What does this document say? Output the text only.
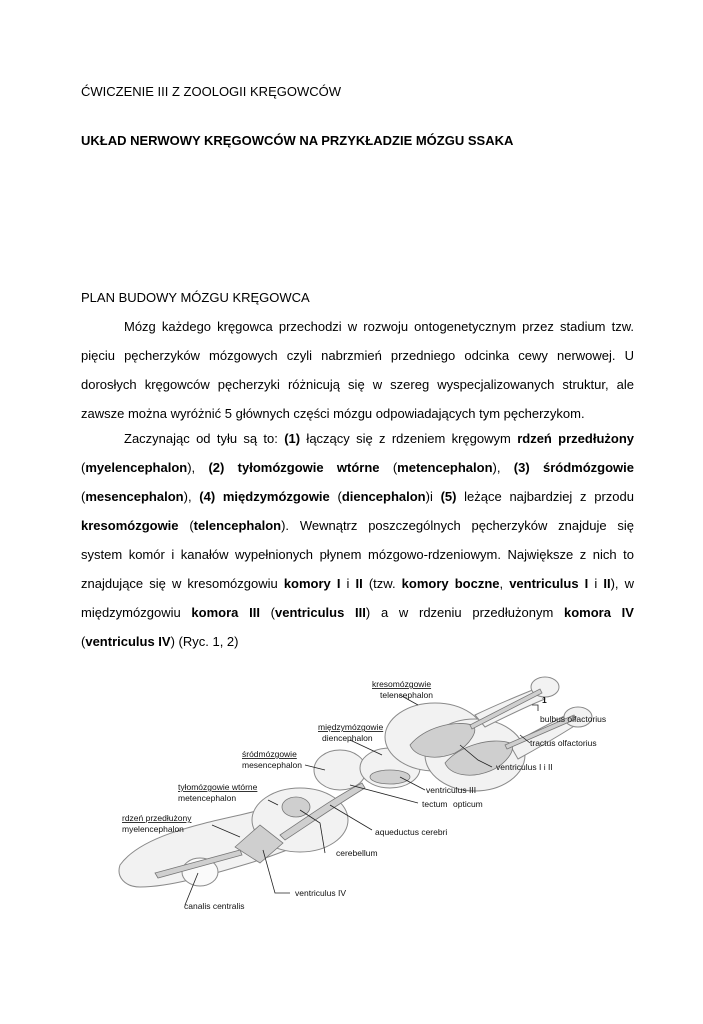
ĆWICZENIE III Z ZOOLOGII KRĘGOWCÓW
UKŁAD NERWOWY KRĘGOWCÓW NA PRZYKŁADZIE MÓZGU SSAKA
PLAN BUDOWY MÓZGU KRĘGOWCA

Mózg każdego kręgowca przechodzi w rozwoju ontogenetycznym przez stadium tzw. pięciu pęcherzyków mózgowych czyli nabrzmień przedniego odcinka cewy nerwowej. U dorosłych kręgowców pęcherzyki różnicują się w szereg wyspecjalizowanych struktur, ale zawsze można wyróżnić 5 głównych części mózgu odpowiadających tym pęcherzykom.

Zaczynając od tyłu są to: (1) łączący się z rdzeniem kręgowym rdzeń przedłużony (myelencephalon), (2) tyłomózgowie wtórne (metencephalon), (3) śródmózgowie (mesencephalon), (4) międzymózgowie (diencephalon)i (5) leżące najbardziej z przodu kresomózgowie (telencephalon). Wewnątrz poszczególnych pęcherzyków znajduje się system komór i kanałów wypełnionych płynem mózgowo-rdzeniowym. Największe z nich to znajdujące się w kresomózgowiu komory I i II (tzw. komory boczne, ventriculus I i II), w międzymózgowiu komora III (ventriculus III) a w rdzeniu przedłużonym komora IV (ventriculus IV) (Ryc. 1, 2)

kresomózgowie
telencephalon
międzymózgowie
diencephalon
śródmózgowie
mesencephalon
tyłomózgowie wtórne
metencephalon
rdzeń przedłużony
myelencephalon
bulbus olfactorius
tractus olfactorius
ventriculus I i II
ventriculus III
tectum opticum
aqueductus cerebri
cerebellum
ventriculus IV
canalis centralis
1
